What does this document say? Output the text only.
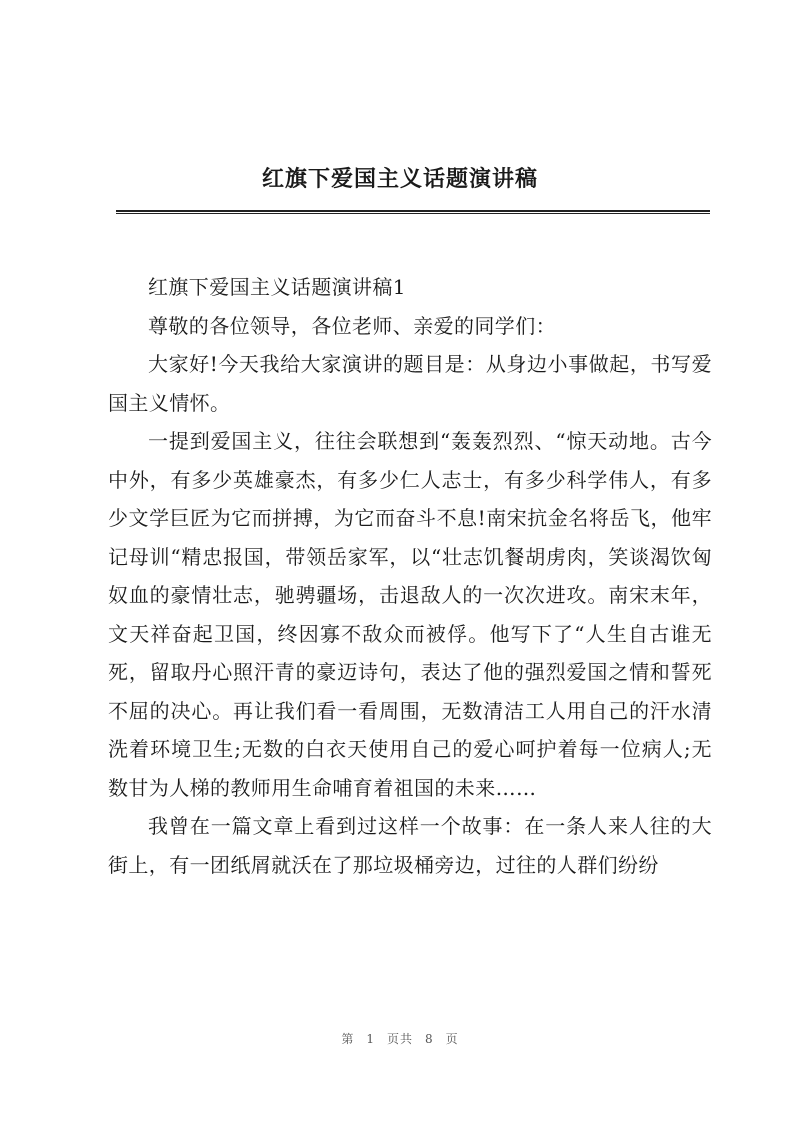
红旗下爱国主义话题演讲稿

红旗下爱国主义话题演讲稿1

尊敬的各位领导，各位老师、亲爱的同学们：

大家好!今天我给大家演讲的题目是：从身边小事做起，书写爱国主义情怀。

一提到爱国主义，往往会联想到“轰轰烈烈、“惊天动地。古今中外，有多少英雄豪杰，有多少仁人志士，有多少科学伟人，有多少文学巨匠为它而拼搏，为它而奋斗不息!南宋抗金名将岳飞，他牢记母训“精忠报国，带领岳家军，以“壮志饥餐胡虏肉，笑谈渴饮匈奴血的豪情壮志，驰骋疆场，击退敌人的一次次进攻。南宋末年，文天祥奋起卫国，终因寡不敌众而被俘。他写下了“人生自古谁无死，留取丹心照汗青的豪迈诗句，表达了他的强烈爱国之情和誓死不屈的决心。再让我们看一看周围，无数清洁工人用自己的汗水清洗着环境卫生;无数的白衣天使用自己的爱心呵护着每一位病人;无数甘为人梯的教师用生命哺育着祖国的未来……

我曾在一篇文章上看到过这样一个故事：在一条人来人往的大街上，有一团纸屑就沃在了那垃圾桶旁边，过往的人群们纷纷

第 1 页共 8 页
